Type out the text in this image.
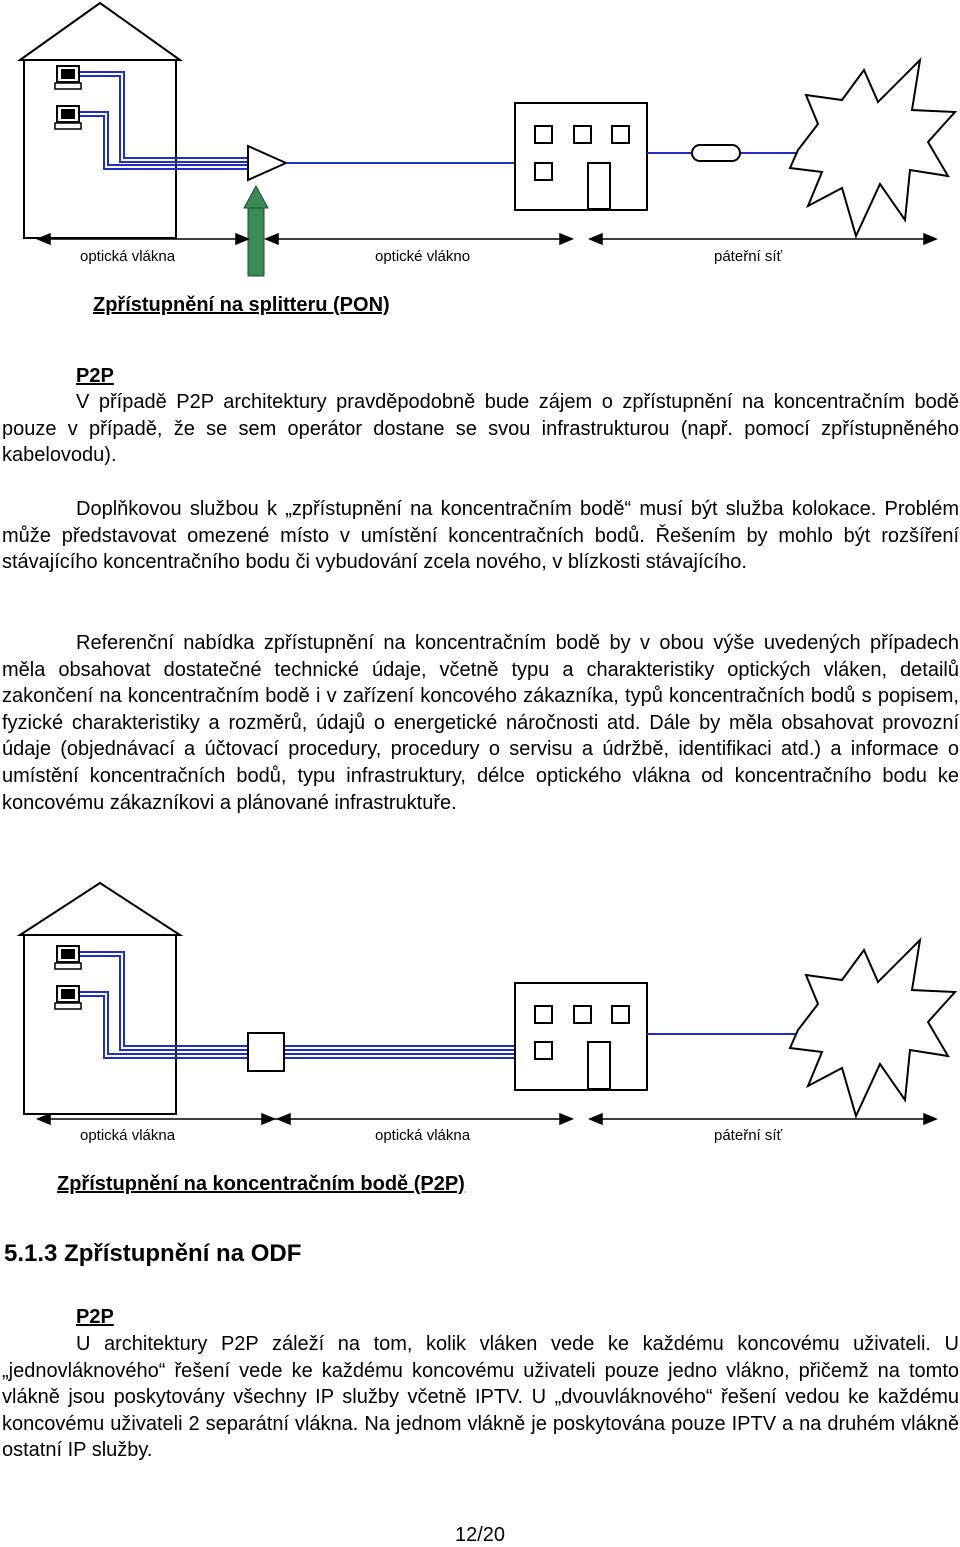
optická vlákna	optické vlákno	páteřní síť
Zpřístupnění na splitteru (PON)
P2P
V případě P2P architektury pravděpodobně bude zájem o zpřístupnění na koncentračním bodě pouze v případě, že se sem operátor dostane se svou infrastrukturou (např. pomocí zpřístupněného kabelovodu).
Doplňkovou službou k „zpřístupnění na koncentračním bodě“ musí být služba kolokace. Problém může představovat omezené místo v umístění koncentračních bodů. Řešením by mohlo být rozšíření stávajícího koncentračního bodu či vybudování zcela nového, v blízkosti stávajícího.
Referenční nabídka zpřístupnění na koncentračním bodě by v obou výše uvedených případech měla obsahovat dostatečné technické údaje, včetně typu a charakteristiky optických vláken, detailů zakončení na koncentračním bodě i v zařízení koncového zákazníka, typů koncentračních bodů s popisem, fyzické charakteristiky a rozměrů, údajů o energetické náročnosti atd. Dále by měla obsahovat provozní údaje (objednávací a účtovací procedury, procedury o servisu a údržbě, identifikaci atd.) a informace o umístění koncentračních bodů, typu infrastruktury, délce optického vlákna od koncentračního bodu ke koncovému zákazníkovi a plánované infrastruktuře.
optická vlákna	optická vlákna	páteřní síť
Zpřístupnění na koncentračním bodě (P2P)
5.1.3 Zpřístupnění na ODF
P2P
U architektury P2P záleží na tom, kolik vláken vede ke každému koncovému uživateli. U „jednovláknového“ řešení vede ke každému koncovému uživateli pouze jedno vlákno, přičemž na tomto vlákně jsou poskytovány všechny IP služby včetně IPTV. U „dvouvláknového“ řešení vedou ke každému koncovému uživateli 2 separátní vlákna. Na jednom vlákně je poskytována pouze IPTV a na druhém vlákně ostatní IP služby.
12/20
